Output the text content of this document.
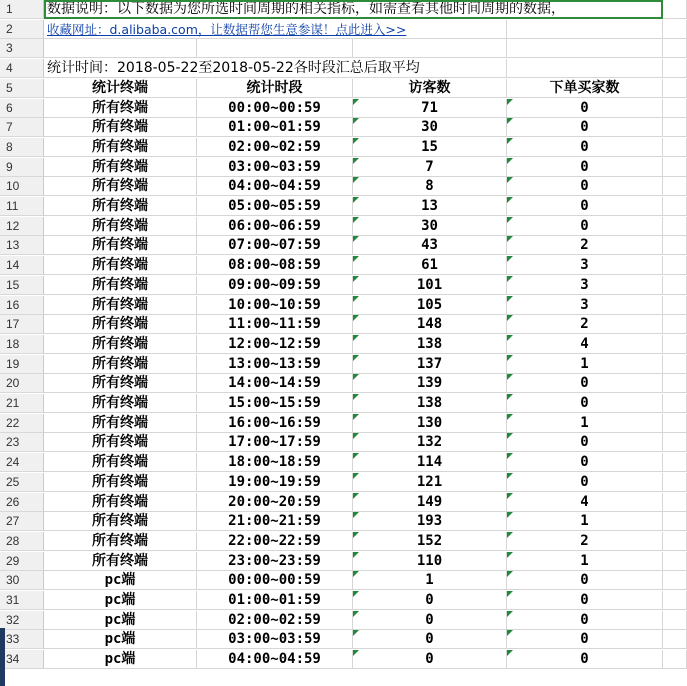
1	数据说明：以下数据为您所选时间周期的相关指标，如需查看其他时间周期的数据，
2	收藏网址：d.alibaba.com，让数据帮您生意参谋！点此进入>>
3
4	统计时间：2018-05-22至2018-05-22各时段汇总后取平均
5	统计终端	统计时段	访客数	下单买家数
6	所有终端	00:00~00:59	71	0
7	所有终端	01:00~01:59	30	0
8	所有终端	02:00~02:59	15	0
9	所有终端	03:00~03:59	7	0
10	所有终端	04:00~04:59	8	0
11	所有终端	05:00~05:59	13	0
12	所有终端	06:00~06:59	30	0
13	所有终端	07:00~07:59	43	2
14	所有终端	08:00~08:59	61	3
15	所有终端	09:00~09:59	101	3
16	所有终端	10:00~10:59	105	3
17	所有终端	11:00~11:59	148	2
18	所有终端	12:00~12:59	138	4
19	所有终端	13:00~13:59	137	1
20	所有终端	14:00~14:59	139	0
21	所有终端	15:00~15:59	138	0
22	所有终端	16:00~16:59	130	1
23	所有终端	17:00~17:59	132	0
24	所有终端	18:00~18:59	114	0
25	所有终端	19:00~19:59	121	0
26	所有终端	20:00~20:59	149	4
27	所有终端	21:00~21:59	193	1
28	所有终端	22:00~22:59	152	2
29	所有终端	23:00~23:59	110	1
30	pc端	00:00~00:59	1	0
31	pc端	01:00~01:59	0	0
32	pc端	02:00~02:59	0	0
33	pc端	03:00~03:59	0	0
34	pc端	04:00~04:59	0	0
